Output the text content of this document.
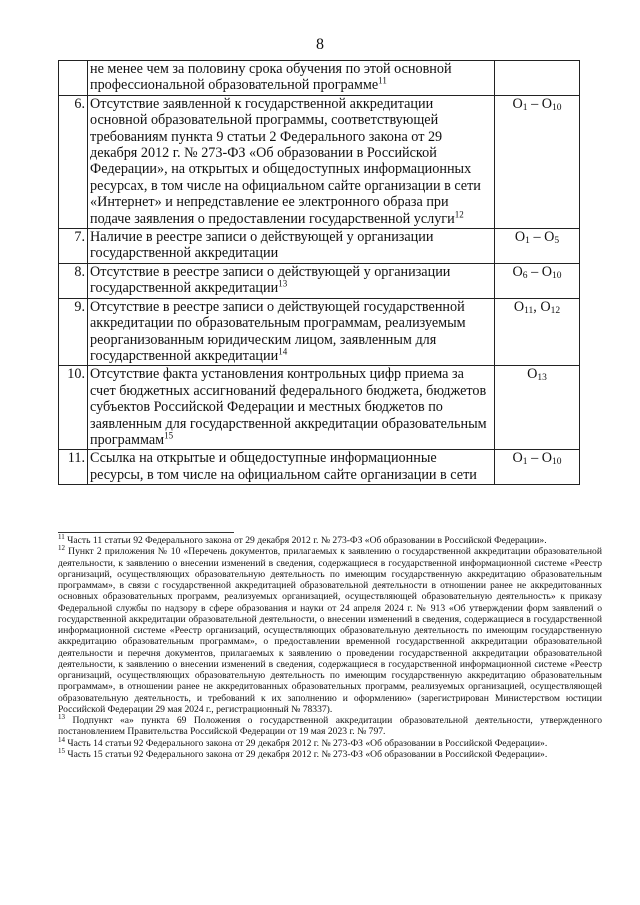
8
	не менее чем за половину срока обучения по этой основной профессиональной образовательной программе$^{11}$	
6.	Отсутствие заявленной к государственной аккредитации основной образовательной программы, соответствующей требованиям пункта 9 статьи 2 Федерального закона от 29 декабря 2012 г. № 273-ФЗ «Об образовании в Российской Федерации», на открытых и общедоступных информационных ресурсах, в том числе на официальном сайте организации в сети «Интернет» и непредставление ее электронного образа при подаче заявления о предоставлении государственной услуги$^{12}$	О1 – О10
7.	Наличие в реестре записи о действующей у организации государственной аккредитации	О1 – О5
8.	Отсутствие в реестре записи о действующей у организации государственной аккредитации$^{13}$	О6 – О10
9.	Отсутствие в реестре записи о действующей государственной аккредитации по образовательным программам, реализуемым реорганизованным юридическим лицом, заявленным для государственной аккредитации$^{14}$	О11, О12
10.	Отсутствие факта установления контрольных цифр приема за счет бюджетных ассигнований федерального бюджета, бюджетов субъектов Российской Федерации и местных бюджетов по заявленным для государственной аккредитации образовательным программам$^{15}$	О13
11.	Ссылка на открытые и общедоступные информационные ресурсы, в том числе на официальном сайте организации в сети	О1 – О10

$^{11}$ Часть 11 статьи 92 Федерального закона от 29 декабря 2012 г. № 273-ФЗ «Об образовании в Российской Федерации».

$^{12}$ Пункт 2 приложения № 10 «Перечень документов, прилагаемых к заявлению о государственной аккредитации образовательной деятельности, к заявлению о внесении изменений в сведения, содержащиеся в государственной информационной системе «Реестр организаций, осуществляющих образовательную деятельность по имеющим государственную аккредитацию образовательным программам», в связи с государственной аккредитацией образовательной деятельности в отношении ранее не аккредитованных основных образовательных программ, реализуемых организацией, осуществляющей образовательную деятельность» к приказу Федеральной службы по надзору в сфере образования и науки от 24 апреля 2024 г. № 913 «Об утверждении форм заявлений о государственной аккредитации образовательной деятельности, о внесении изменений в сведения, содержащиеся в государственной информационной системе «Реестр организаций, осуществляющих образовательную деятельность по имеющим государственную аккредитацию образовательным программам», о предоставлении временной государственной аккредитации образовательной деятельности и перечня документов, прилагаемых к заявлению о проведении государственной аккредитации образовательной деятельности, к заявлению о внесении изменений в сведения, содержащиеся в государственной информационной системе «Реестр организаций, осуществляющих образовательную деятельность по имеющим государственную аккредитацию образовательным программам», в отношении ранее не аккредитованных образовательных программ, реализуемых организацией, осуществляющей образовательную деятельность, и требований к их заполнению и оформлению» (зарегистрирован Министерством юстиции Российской Федерации 29 мая 2024 г., регистрационный № 78337).

$^{13}$ Подпункт «а» пункта 69 Положения о государственной аккредитации образовательной деятельности, утвержденного постановлением Правительства Российской Федерации от 19 мая 2023 г. № 797.

$^{14}$ Часть 14 статьи 92 Федерального закона от 29 декабря 2012 г. № 273-ФЗ «Об образовании в Российской Федерации».

$^{15}$ Часть 15 статьи 92 Федерального закона от 29 декабря 2012 г. № 273-ФЗ «Об образовании в Российской Федерации».
